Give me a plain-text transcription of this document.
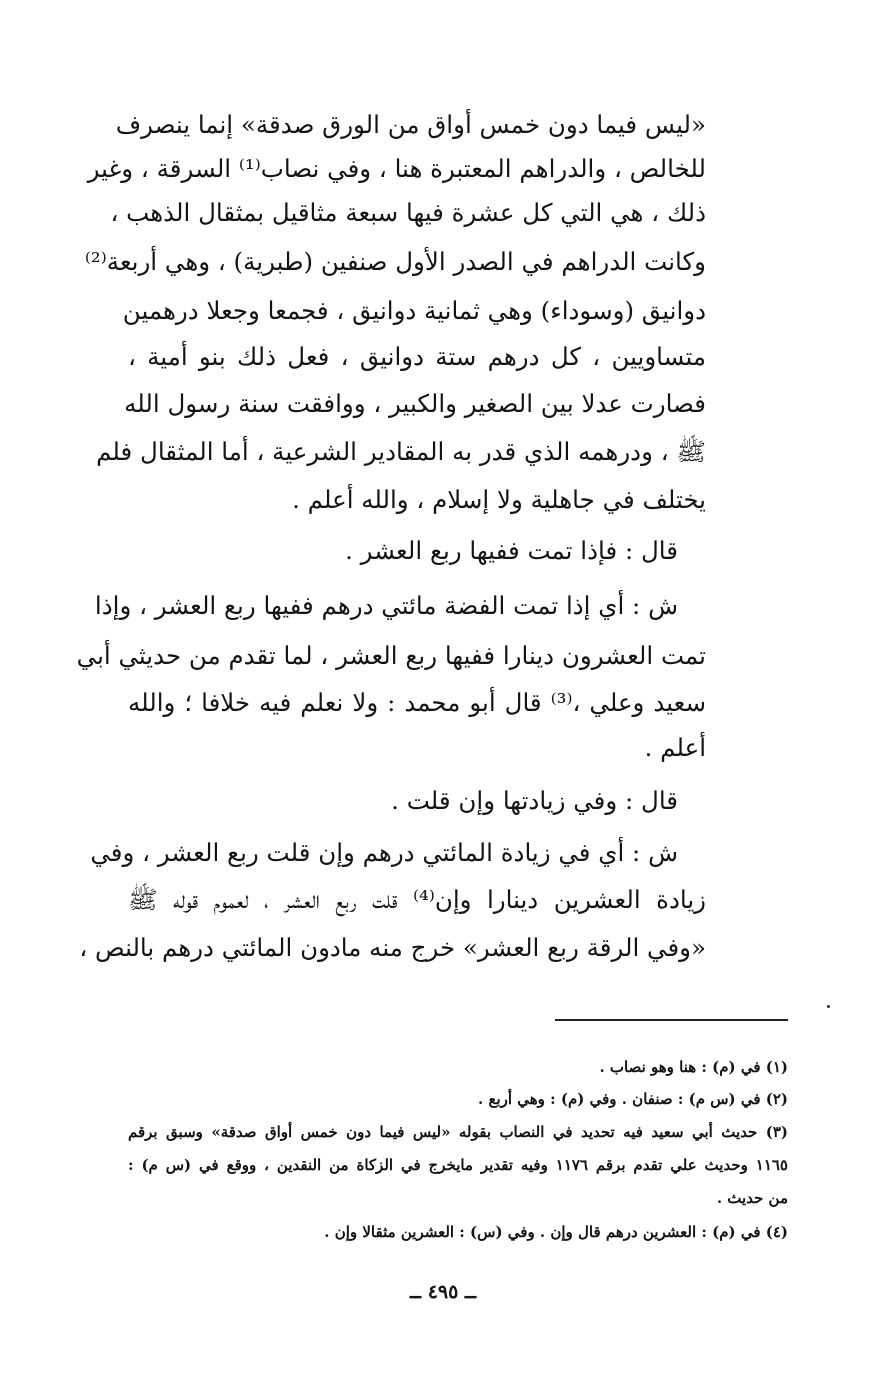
«ليس فيما دون خمس أواق من الورق صدقة» إنما ينصرف
للخالص ، والدراهم المعتبرة هنا ، وفي نصاب⁽¹⁾ السرقة ، وغير
ذلك ، هي التي كل عشرة فيها سبعة مثاقيل بمثقال الذهب ،
وكانت الدراهم في الصدر الأول صنفين (طبرية) ، وهي أربعة⁽²⁾
دوانيق (وسوداء) وهي ثمانية دوانيق ، فجمعا وجعلا درهمين
متساويين ، كل درهم ستة دوانيق ، فعل ذلك بنو أمية ،
فصارت عدلا بين الصغير والكبير ، ووافقت سنة رسول الله
ﷺ ، ودرهمه الذي قدر به المقادير الشرعية ، أما المثقال فلم
يختلف في جاهلية ولا إسلام ، والله أعلم .
قال : فإذا تمت ففيها ربع العشر .
ش : أي إذا تمت الفضة مائتي درهم ففيها ربع العشر ، وإذا
تمت العشرون دينارا ففيها ربع العشر ، لما تقدم من حديثي أبي
سعيد وعلي ،⁽³⁾ قال أبو محمد : ولا نعلم فيه خلافا ؛ والله
أعلم .
قال : وفي زيادتها وإن قلت .
ش : أي في زيادة المائتي درهم وإن قلت ربع العشر ، وفي
زيادة العشرين دينارا وإن⁽⁴⁾ قلت ربع العشر ، لعموم قوله ﷺ
«وفي الرقة ربع العشر» خرج منه مادون المائتي درهم بالنص ،
(١) في (م) : هنا وهو نصاب .
(٢) في (س م) : صنفان . وفي (م) : وهي أربع .
(٣) حديث أبي سعيد فيه تحديد في النصاب بقوله «ليس فيما دون خمس أواق صدقة» وسبق برقم
١١٦٥ وحديث علي تقدم برقم ١١٧٦ وفيه تقدير مايخرج في الزكاة من النقدين ، ووقع في (س م) :
من حديث .
(٤) في (م) : العشرين درهم قال وإن . وفي (س) : العشرين مثقالا وإن .
ــ ٤٩٥ ــ
